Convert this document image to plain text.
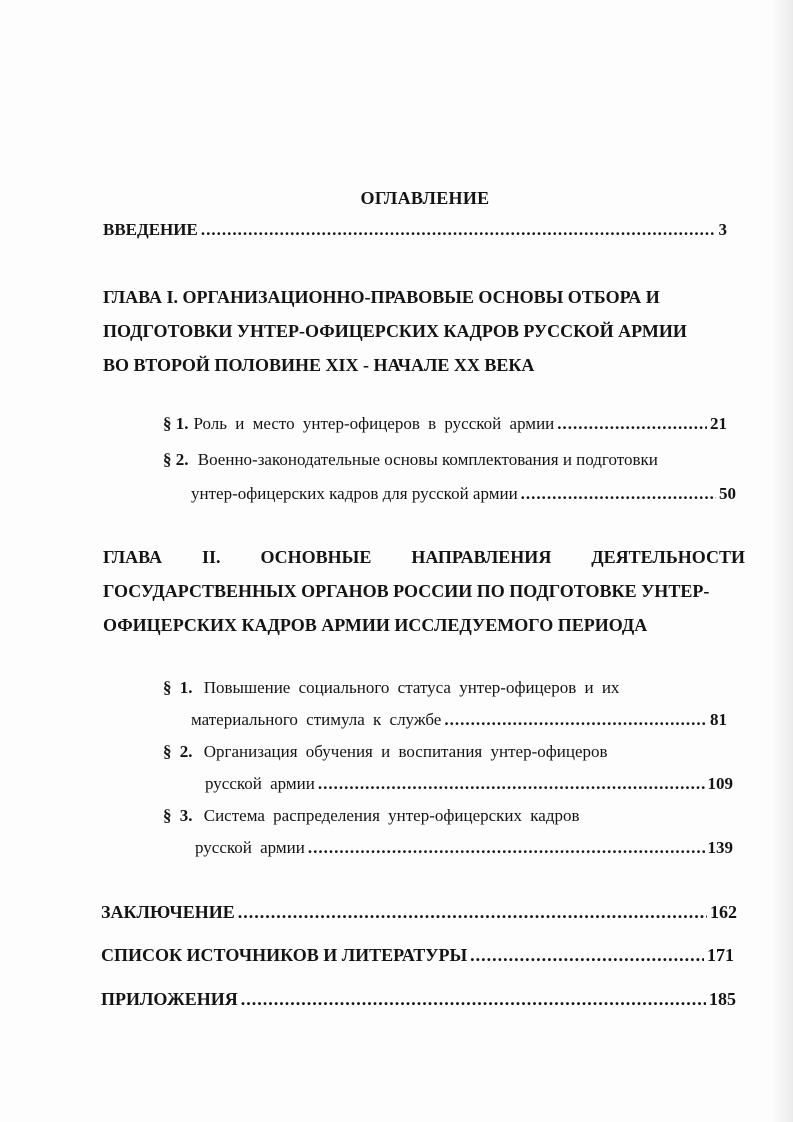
ОГЛАВЛЕНИЕ
ВВЕДЕНИЕ .....	3
ГЛАВА I. ОРГАНИЗАЦИОННО-ПРАВОВЫЕ ОСНОВЫ ОТБОРА И
ПОДГОТОВКИ УНТЕР-ОФИЦЕРСКИХ КАДРОВ РУССКОЙ АРМИИ
ВО ВТОРОЙ ПОЛОВИНЕ XIX - НАЧАЛЕ XX ВЕКА
§ 1. Роль и место унтер-офицеров в русской армии .....	21
§ 2. Военно-законодательные основы комплектования и подготовки
унтер-офицерских кадров для русской армии .....	50
ГЛАВА II. ОСНОВНЫЕ НАПРАВЛЕНИЯ ДЕЯТЕЛЬНОСТИ
ГОСУДАРСТВЕННЫХ ОРГАНОВ РОССИИ ПО ПОДГОТОВКЕ УНТЕР-
ОФИЦЕРСКИХ КАДРОВ АРМИИ ИССЛЕДУЕМОГО ПЕРИОДА
§ 1. Повышение социального статуса унтер-офицеров и их
материального стимула к службе .....	81
§ 2. Организация обучения и воспитания унтер-офицеров
русской армии .....	109
§ 3. Система распределения унтер-офицерских кадров
русской армии .....	139
ЗАКЛЮЧЕНИЕ .....	162
СПИСОК ИСТОЧНИКОВ И ЛИТЕРАТУРЫ .....	171
ПРИЛОЖЕНИЯ .....	185
